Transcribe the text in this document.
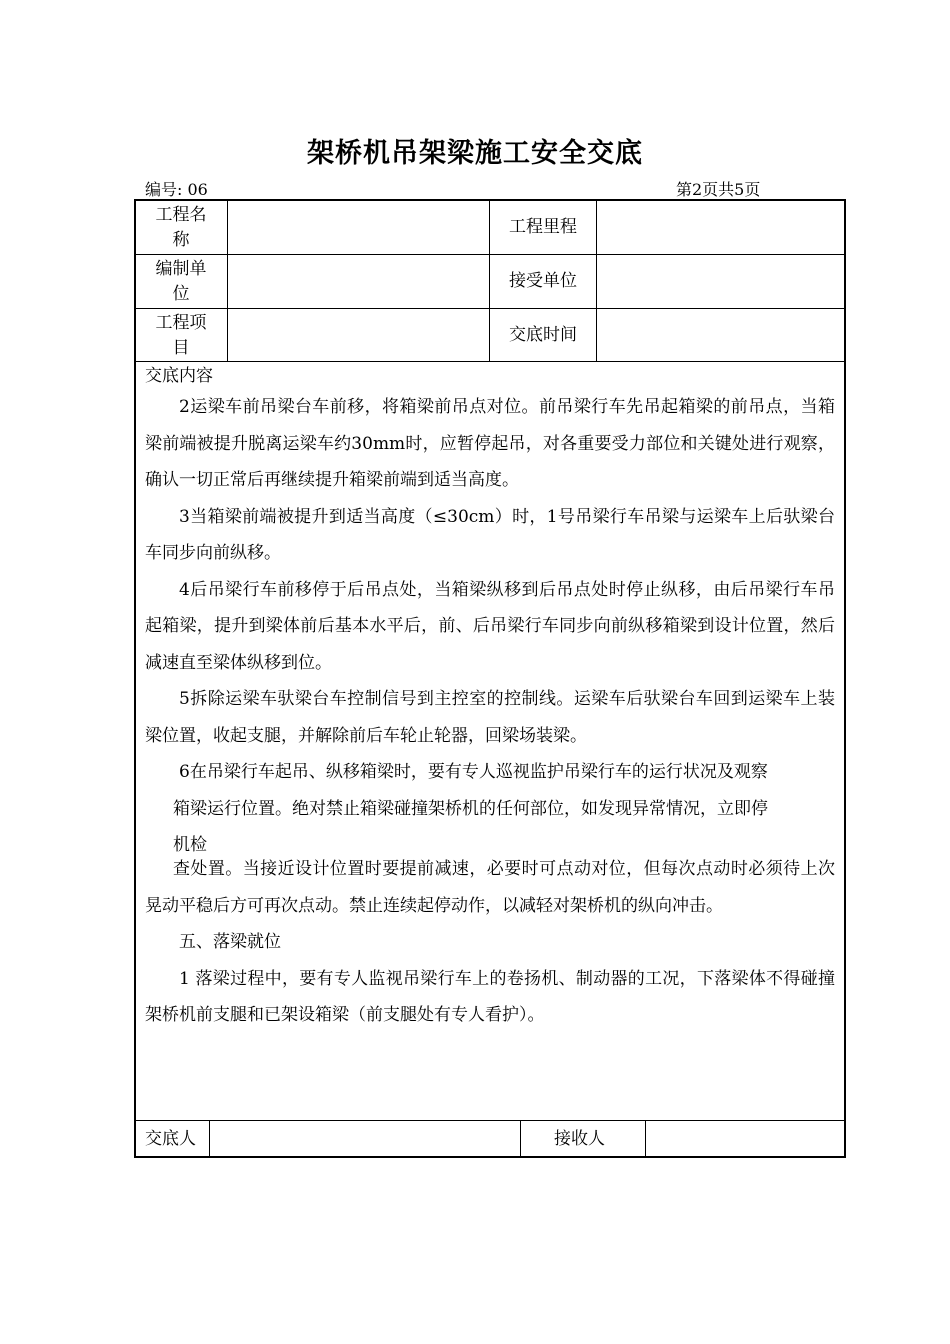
架桥机吊架梁施工安全交底
编号: 06	第2页共5页
工程名
称
工程里程
编制单
位
接受单位
工程项
目
交底时间
交底内容

2运梁车前吊梁台车前移，将箱梁前吊点对位。前吊梁行车先吊起箱梁的前吊点，当箱梁前端被提升脱离运梁车约30mm时，应暂停起吊，对各重要受力部位和关键处进行观察，确认一切正常后再继续提升箱梁前端到适当高度。

3当箱梁前端被提升到适当高度（≤30cm）时，1号吊梁行车吊梁与运梁车上后驮梁台车同步向前纵移。

4后吊梁行车前移停于后吊点处，当箱梁纵移到后吊点处时停止纵移，由后吊梁行车吊起箱梁，提升到梁体前后基本水平后，前、后吊梁行车同步向前纵移箱梁到设计位置，然后减速直至梁体纵移到位。

5拆除运梁车驮梁台车控制信号到主控室的控制线。运梁车后驮梁台车回到运梁车上装梁位置，收起支腿，并解除前后车轮止轮器，回梁场装梁。

6在吊梁行车起吊、纵移箱梁时，要有专人巡视监护吊梁行车的运行状况及观察

箱梁运行位置。绝对禁止箱梁碰撞架桥机的任何部位，如发现异常情况，立即停

机检

查处置。当接近设计位置时要提前减速，必要时可点动对位，但每次点动时必须待上次晃动平稳后方可再次点动。禁止连续起停动作，以减轻对架桥机的纵向冲击。

五、落梁就位

1 落梁过程中，要有专人监视吊梁行车上的卷扬机、制动器的工况，下落梁体不得碰撞架桥机前支腿和已架设箱梁（前支腿处有专人看护）。

交底人	接收人
